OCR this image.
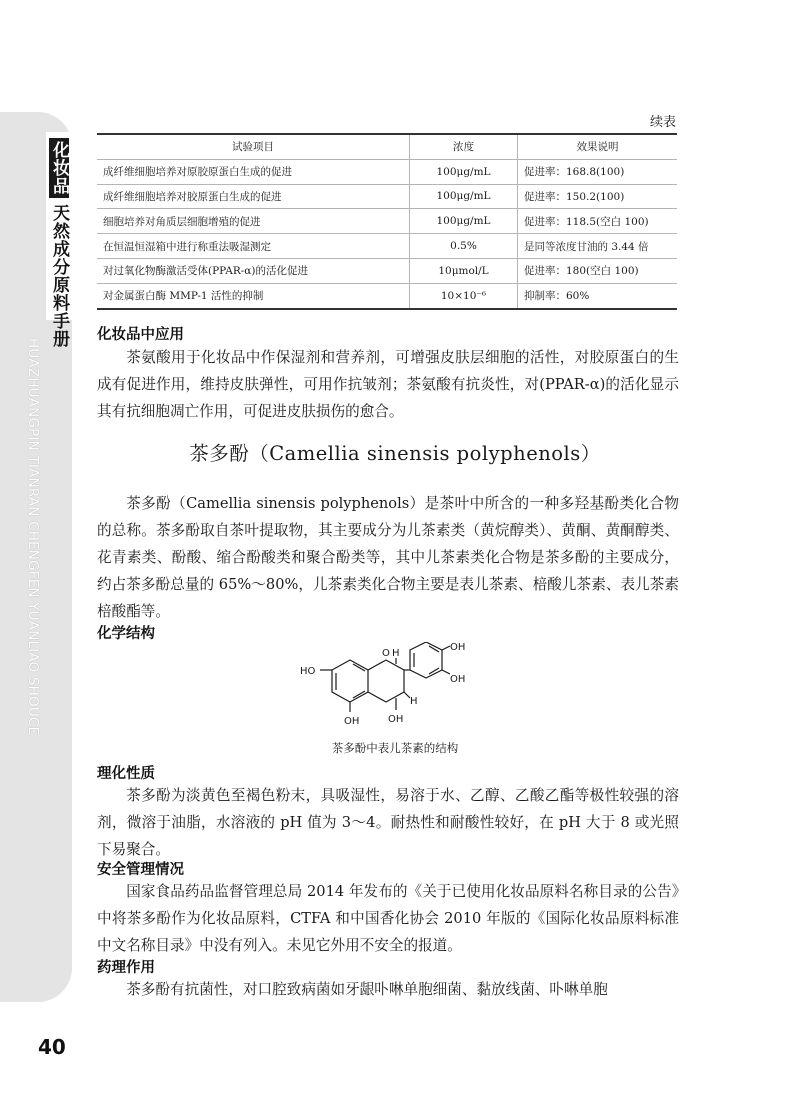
化妆品天然成分原料手册
HUAZHUANGPIN TIANRAN CHENGFEN YUANLIAO SHOUCE
续表
试验项目	浓度	效果说明
成纤维细胞培养对原胶原蛋白生成的促进	100μg/mL	促进率：168.8(100)
成纤维细胞培养对胶原蛋白生成的促进	100μg/mL	促进率：150.2(100)
细胞培养对角质层细胞增殖的促进	100μg/mL	促进率：118.5(空白 100)
在恒温恒湿箱中进行称重法吸湿测定	0.5%	是同等浓度甘油的 3.44 倍
对过氧化物酶激活受体(PPAR-α)的活化促进	10μmol/L	促进率：180(空白 100)
对金属蛋白酶 MMP-1 活性的抑制	10×10⁻⁶	抑制率：60%
化妆品中应用

茶氨酸用于化妆品中作保湿剂和营养剂，可增强皮肤层细胞的活性，对胶原蛋白的生成有促进作用，维持皮肤弹性，可用作抗皱剂；茶氨酸有抗炎性，对(PPAR-α)的活化显示其有抗细胞凋亡作用，可促进皮肤损伤的愈合。

茶多酚（Camellia sinensis polyphenols）

茶多酚（Camellia sinensis polyphenols）是茶叶中所含的一种多羟基酚类化合物的总称。茶多酚取自茶叶提取物，其主要成分为儿茶素类（黄烷醇类）、黄酮、黄酮醇类、花青素类、酚酸、缩合酚酸类和聚合酚类等，其中儿茶素类化合物是茶多酚的主要成分，约占茶多酚总量的 65%～80%，儿茶素类化合物主要是表儿茶素、棓酸儿茶素、表儿茶素棓酸酯等。

化学结构
HO
O H
H
OH	OH
OH
OH
茶多酚中表儿茶素的结构
理化性质

茶多酚为淡黄色至褐色粉末，具吸湿性，易溶于水、乙醇、乙酸乙酯等极性较强的溶剂，微溶于油脂，水溶液的 pH 值为 3～4。耐热性和耐酸性较好，在 pH 大于 8 或光照下易聚合。

安全管理情况

国家食品药品监督管理总局 2014 年发布的《关于已使用化妆品原料名称目录的公告》中将茶多酚作为化妆品原料，CTFA 和中国香化协会 2010 年版的《国际化妆品原料标准中文名称目录》中没有列入。未见它外用不安全的报道。

药理作用

茶多酚有抗菌性，对口腔致病菌如牙龈卟啉单胞细菌、黏放线菌、卟啉单胞

40
